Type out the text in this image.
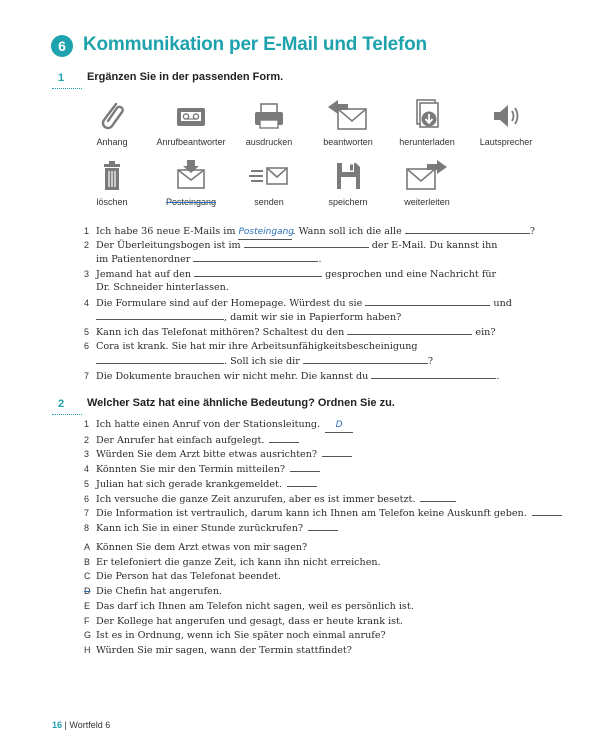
6 Kommunikation per E-Mail und Telefon
1 Ergänzen Sie in der passenden Form.
Anhang	Anrufbeantworter	ausdrucken	beantworten	herunterladen	Lautsprecher
löschen	Posteingang	senden	speichern	weiterleiten
1 Ich habe 36 neue E-Mails im Posteingang. Wann soll ich die alle	?
2 Der Überleitungsbogen ist im	der E-Mail. Du kannst ihn
im Patientenordner	.
3 Jemand hat auf den	gesprochen und eine Nachricht für
Dr. Schneider hinterlassen.
4 Die Formulare sind auf der Homepage. Würdest du sie	und
, damit wir sie in Papierform haben?
5 Kann ich das Telefonat mithören? Schaltest du den	ein?
6 Cora ist krank. Sie hat mir ihre Arbeitsunfähigkeitsbescheinigung
. Soll ich sie dir	?
7 Die Dokumente brauchen wir nicht mehr. Die kannst du	.
2 Welcher Satz hat eine ähnliche Bedeutung? Ordnen Sie zu.
1 Ich hatte einen Anruf von der Stationsleitung. D
2 Der Anrufer hat einfach aufgelegt.
3 Würden Sie dem Arzt bitte etwas ausrichten?
4 Könnten Sie mir den Termin mitteilen?
5 Julian hat sich gerade krankgemeldet.
6 Ich versuche die ganze Zeit anzurufen, aber es ist immer besetzt.
7 Die Information ist vertraulich, darum kann ich Ihnen am Telefon keine Auskunft geben.
8 Kann ich Sie in einer Stunde zurückrufen?
A Können Sie dem Arzt etwas von mir sagen?
B Er telefoniert die ganze Zeit, ich kann ihn nicht erreichen.
C Die Person hat das Telefonat beendet.
D Die Chefin hat angerufen.
E Das darf ich Ihnen am Telefon nicht sagen, weil es persönlich ist.
F Der Kollege hat angerufen und gesagt, dass er heute krank ist.
G Ist es in Ordnung, wenn ich Sie später noch einmal anrufe?
H Würden Sie mir sagen, wann der Termin stattfindet?
16 | Wortfeld 6
